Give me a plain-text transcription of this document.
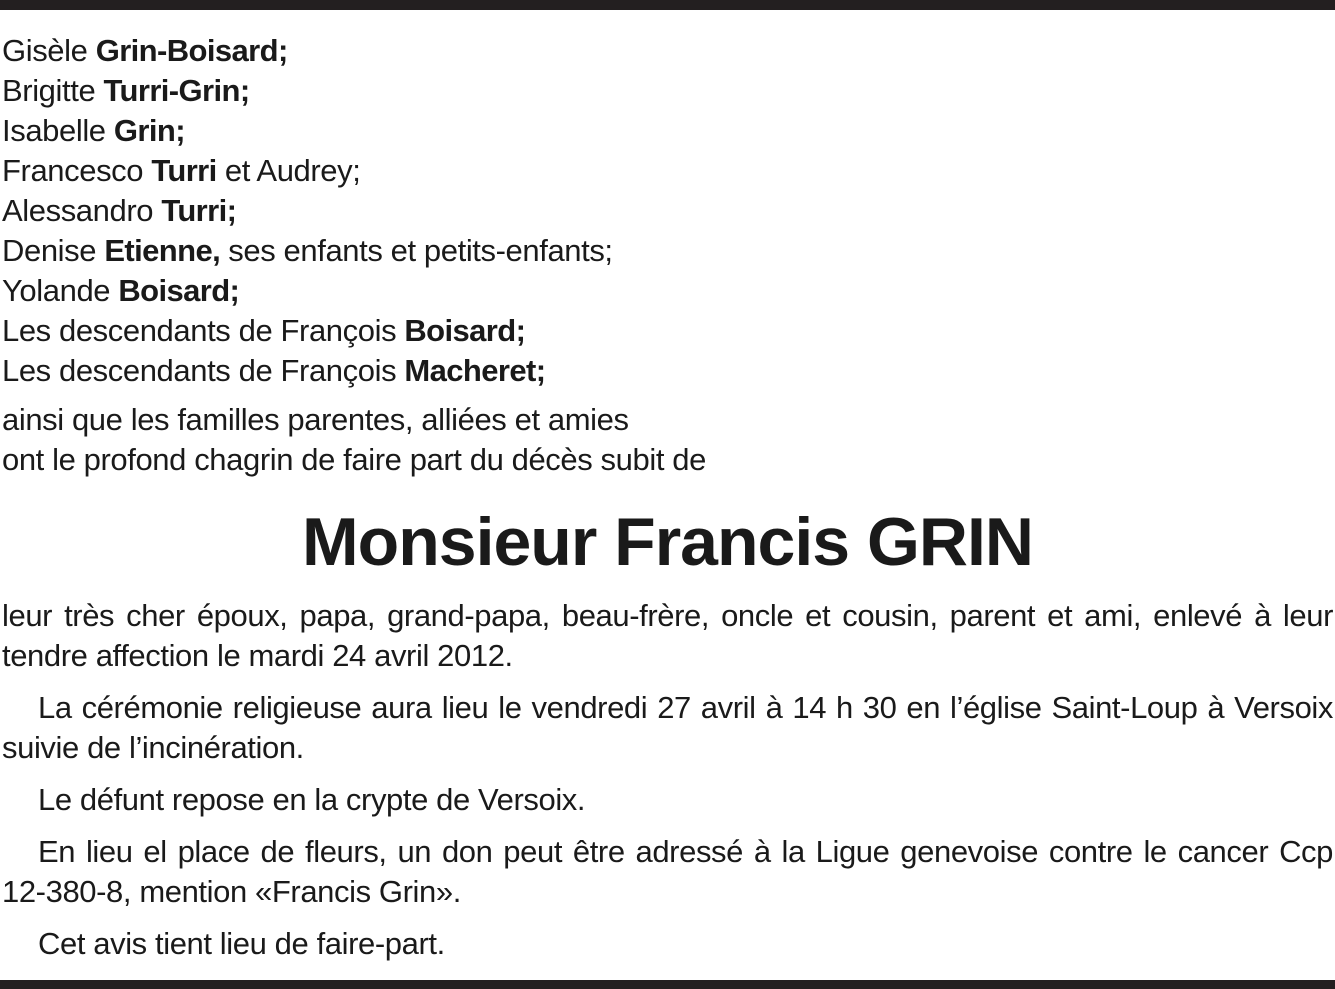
Gisèle Grin-Boisard;
Brigitte Turri-Grin;
Isabelle Grin;
Francesco Turri et Audrey;
Alessandro Turri;
Denise Etienne, ses enfants et petits-enfants;
Yolande Boisard;
Les descendants de François Boisard;
Les descendants de François Macheret;
ainsi que les familles parentes, alliées et amies
ont le profond chagrin de faire part du décès subit de
Monsieur Francis GRIN
leur très cher époux, papa, grand-papa, beau-frère, oncle et cousin, parent et ami, enlevé à leur tendre affection le mardi 24 avril 2012.
La cérémonie religieuse aura lieu le vendredi 27 avril à 14 h 30 en l’église Saint-Loup à Versoix suivie de l’incinération.
Le défunt repose en la crypte de Versoix.
En lieu el place de fleurs, un don peut être adressé à la Ligue genevoise contre le cancer Ccp 12-380-8, mention «Francis Grin».
Cet avis tient lieu de faire-part.
